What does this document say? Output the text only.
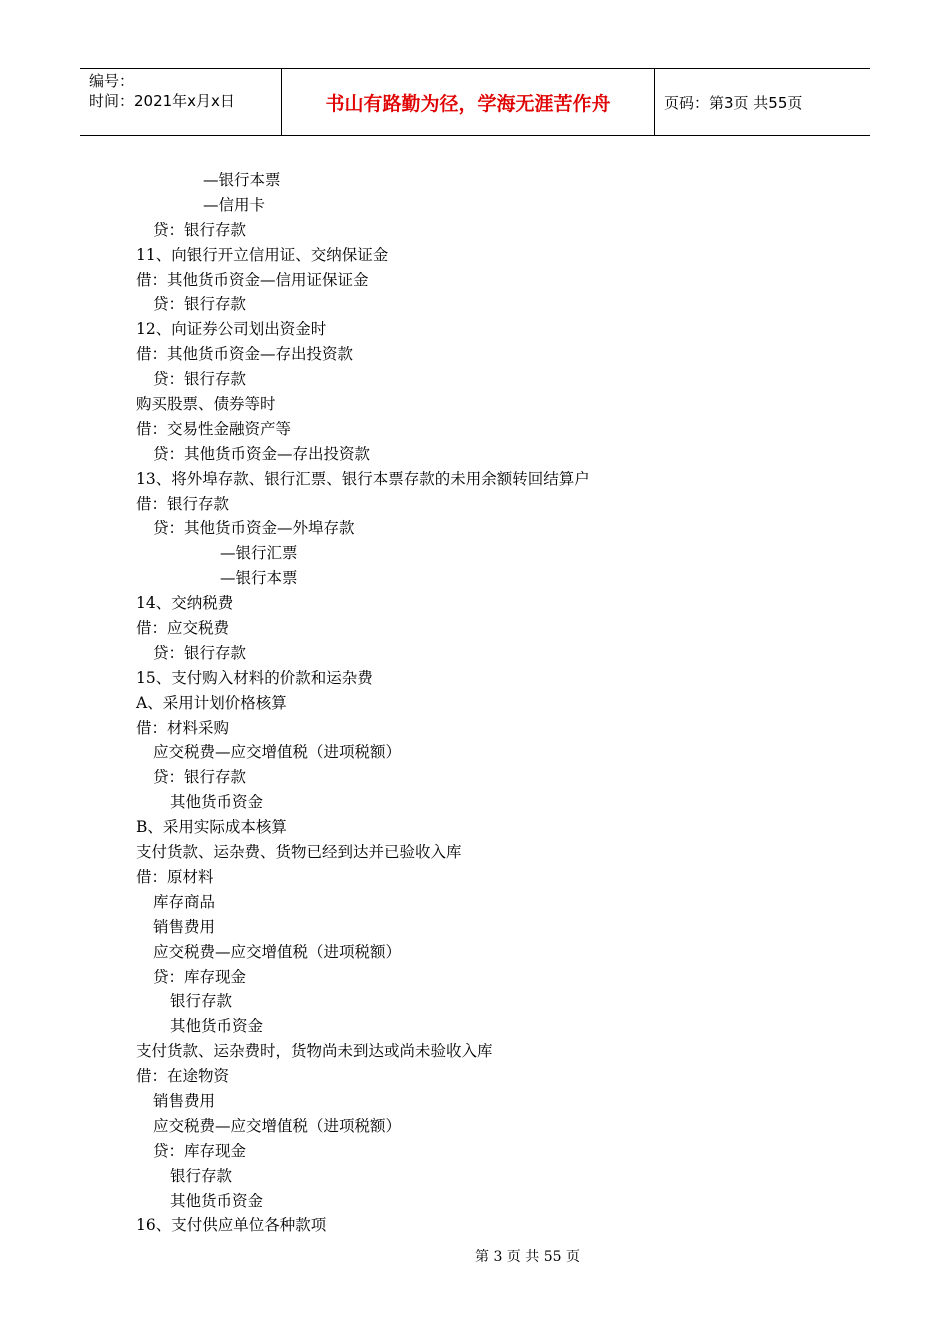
编号：
时间：2021年x月x日	书山有路勤为径，学海无涯苦作舟	页码：第3页 共55页
—银行本票
—信用卡
贷：银行存款
11、向银行开立信用证、交纳保证金
借：其他货币资金—信用证保证金
贷：银行存款
12、向证券公司划出资金时
借：其他货币资金—存出投资款
贷：银行存款
购买股票、债券等时
借：交易性金融资产等
贷：其他货币资金—存出投资款
13、将外埠存款、银行汇票、银行本票存款的未用余额转回结算户
借：银行存款
贷：其他货币资金—外埠存款
—银行汇票
—银行本票
14、交纳税费
借：应交税费
贷：银行存款
15、支付购入材料的价款和运杂费
A、采用计划价格核算
借：材料采购
应交税费—应交增值税（进项税额）
贷：银行存款
其他货币资金
B、采用实际成本核算
支付货款、运杂费、货物已经到达并已验收入库
借：原材料
库存商品
销售费用
应交税费—应交增值税（进项税额）
贷：库存现金
银行存款
其他货币资金
支付货款、运杂费时，货物尚未到达或尚未验收入库
借：在途物资
销售费用
应交税费—应交增值税（进项税额）
贷：库存现金
银行存款
其他货币资金
16、支付供应单位各种款项
第 3 页 共 55 页
